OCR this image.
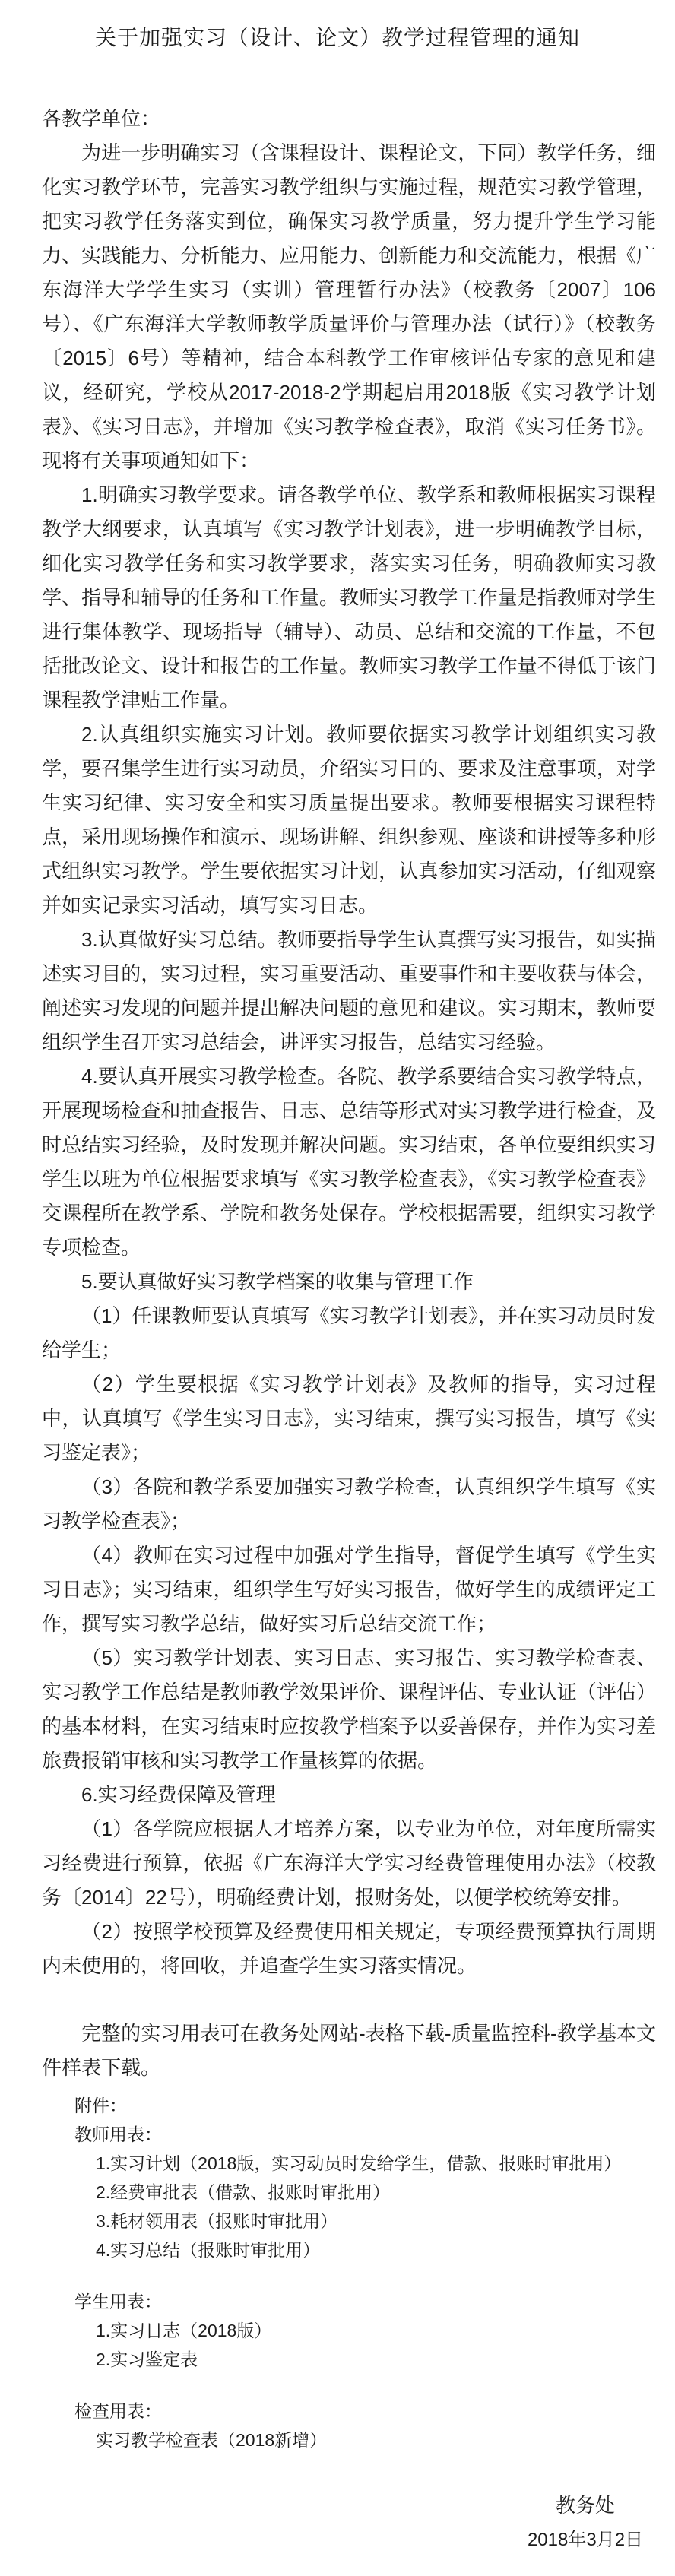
关于加强实习（设计、论文）教学过程管理的通知

各教学单位：

为进一步明确实习（含课程设计、课程论文，下同）教学任务，细化实习教学环节，完善实习教学组织与实施过程，规范实习教学管理，把实习教学任务落实到位，确保实习教学质量，努力提升学生学习能力、实践能力、分析能力、应用能力、创新能力和交流能力，根据《广东海洋大学学生实习（实训）管理暂行办法》（校教务〔2007〕106号）、《广东海洋大学教师教学质量评价与管理办法（试行）》（校教务〔2015〕6号）等精神，结合本科教学工作审核评估专家的意见和建议，经研究，学校从2017-2018-2学期起启用2018版《实习教学计划表》、《实习日志》，并增加《实习教学检查表》，取消《实习任务书》。现将有关事项通知如下：

1.明确实习教学要求。请各教学单位、教学系和教师根据实习课程教学大纲要求，认真填写《实习教学计划表》，进一步明确教学目标，细化实习教学任务和实习教学要求，落实实习任务，明确教师实习教学、指导和辅导的任务和工作量。教师实习教学工作量是指教师对学生进行集体教学、现场指导（辅导）、动员、总结和交流的工作量，不包括批改论文、设计和报告的工作量。教师实习教学工作量不得低于该门课程教学津贴工作量。

2.认真组织实施实习计划。教师要依据实习教学计划组织实习教学，要召集学生进行实习动员，介绍实习目的、要求及注意事项，对学生实习纪律、实习安全和实习质量提出要求。教师要根据实习课程特点，采用现场操作和演示、现场讲解、组织参观、座谈和讲授等多种形式组织实习教学。学生要依据实习计划，认真参加实习活动，仔细观察并如实记录实习活动，填写实习日志。

3.认真做好实习总结。教师要指导学生认真撰写实习报告，如实描述实习目的，实习过程，实习重要活动、重要事件和主要收获与体会，阐述实习发现的问题并提出解决问题的意见和建议。实习期末，教师要组织学生召开实习总结会，讲评实习报告，总结实习经验。

4.要认真开展实习教学检查。各院、教学系要结合实习教学特点，开展现场检查和抽查报告、日志、总结等形式对实习教学进行检查，及时总结实习经验，及时发现并解决问题。实习结束，各单位要组织实习学生以班为单位根据要求填写《实习教学检查表》，《实习教学检查表》交课程所在教学系、学院和教务处保存。学校根据需要，组织实习教学专项检查。

5.要认真做好实习教学档案的收集与管理工作

（1）任课教师要认真填写《实习教学计划表》，并在实习动员时发给学生；

（2）学生要根据《实习教学计划表》及教师的指导，实习过程中，认真填写《学生实习日志》，实习结束，撰写实习报告，填写《实习鉴定表》；

（3）各院和教学系要加强实习教学检查，认真组织学生填写《实习教学检查表》；

（4）教师在实习过程中加强对学生指导，督促学生填写《学生实习日志》；实习结束，组织学生写好实习报告，做好学生的成绩评定工作，撰写实习教学总结，做好实习后总结交流工作；

（5）实习教学计划表、实习日志、实习报告、实习教学检查表、实习教学工作总结是教师教学效果评价、课程评估、专业认证（评估）的基本材料，在实习结束时应按教学档案予以妥善保存，并作为实习差旅费报销审核和实习教学工作量核算的依据。

6.实习经费保障及管理

（1）各学院应根据人才培养方案，以专业为单位，对年度所需实习经费进行预算，依据《广东海洋大学实习经费管理使用办法》（校教务〔2014〕22号），明确经费计划，报财务处，以便学校统筹安排。

（2）按照学校预算及经费使用相关规定，专项经费预算执行周期内未使用的，将回收，并追查学生实习落实情况。

完整的实习用表可在教务处网站-表格下载-质量监控科-教学基本文件样表下载。

附件：

教师用表：

1.实习计划（2018版，实习动员时发给学生，借款、报账时审批用）

2.经费审批表（借款、报账时审批用）

3.耗材领用表（报账时审批用）

4.实习总结（报账时审批用）

学生用表：

1.实习日志（2018版）

2.实习鉴定表

检查用表：

实习教学检查表（2018新增）

教务处
2018年3月2日
